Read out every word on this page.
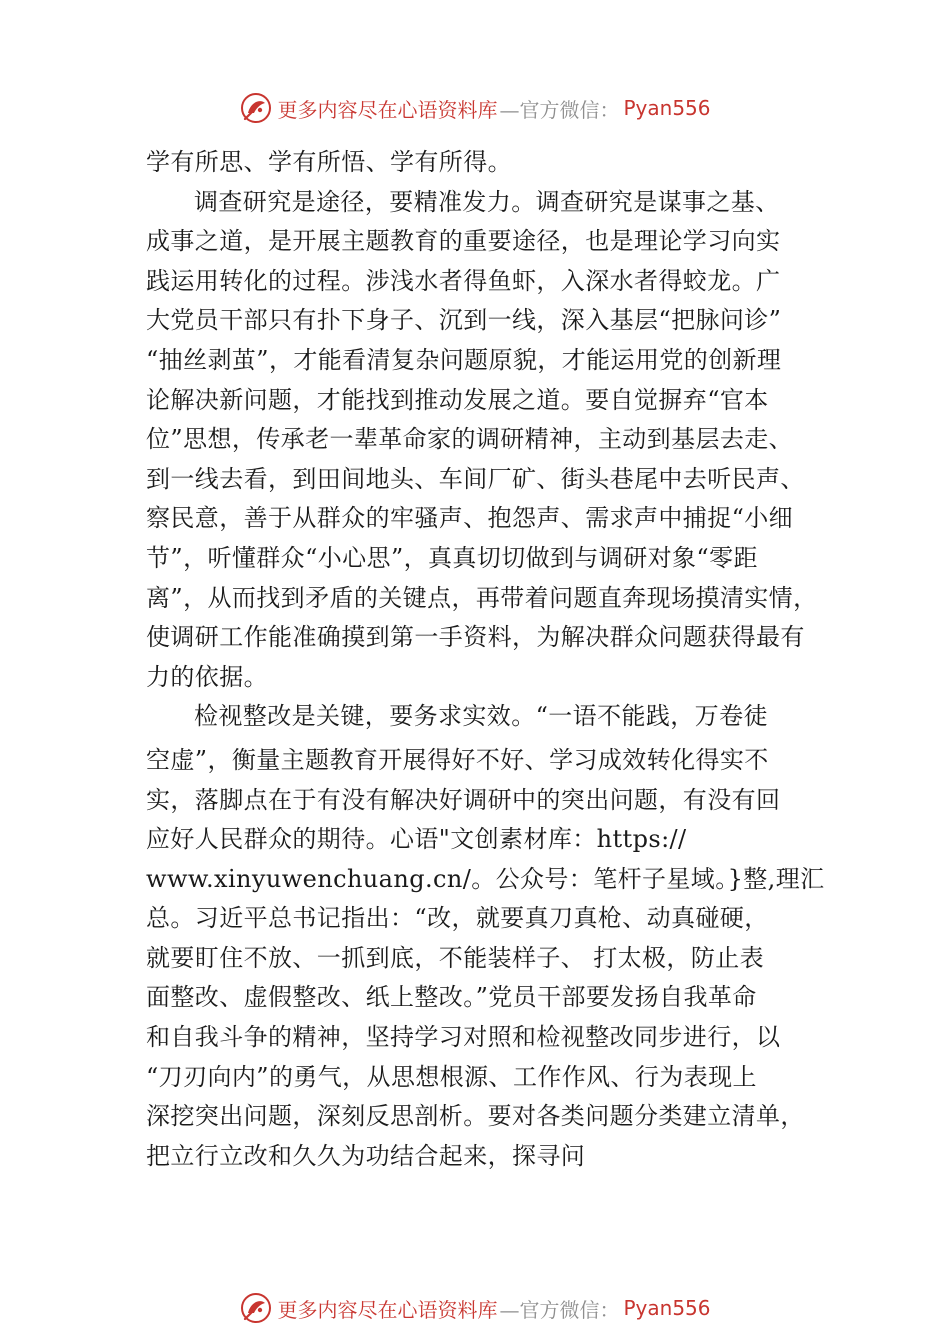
更多内容尽在心语资料库 —官方微信： Pyan556
学有所思、学有所悟、学有所得。
调查研究是途径，要精准发力。调查研究是谋事之基、
成事之道，是开展主题教育的重要途径，也是理论学习向实
践运用转化的过程。涉浅水者得鱼虾，入深水者得蛟龙。广
大党员干部只有扑下身子、沉到一线，深入基层“把脉问诊”
“抽丝剥茧”，才能看清复杂问题原貌，才能运用党的创新理
论解决新问题，才能找到推动发展之道。要自觉摒弃“官本
位”思想，传承老一辈革命家的调研精神，主动到基层去走、
到一线去看，到田间地头、车间厂矿、街头巷尾中去听民声、
察民意，善于从群众的牢骚声、抱怨声、需求声中捕捉“小细
节”，听懂群众“小心思”，真真切切做到与调研对象“零距
离”，从而找到矛盾的关键点，再带着问题直奔现场摸清实情，
使调研工作能准确摸到第一手资料，为解决群众问题获得最有
力的依据。
检视整改是关键，要务求实效。“一语不能践，万卷徒
空虚”，衡量主题教育开展得好不好、学习成效转化得实不
实，落脚点在于有没有解决好调研中的突出问题，有没有回
应好人民群众的期待。心语"文创素材库：https://
www.xinyuwenchuang.cn/。公众号：笔杆子星域。}整,理汇
总。习近平总书记指出：“改，就要真刀真枪、动真碰硬，
就要盯住不放、一抓到底，不能装样子、 打太极，防止表
面整改、虚假整改、纸上整改。”党员干部要发扬自我革命
和自我斗争的精神，坚持学习对照和检视整改同步进行，以
“刀刃向内”的勇气，从思想根源、工作作风、行为表现上
深挖突出问题，深刻反思剖析。要对各类问题分类建立清单，
把立行立改和久久为功结合起来，探寻问
更多内容尽在心语资料库 —官方微信： Pyan556
